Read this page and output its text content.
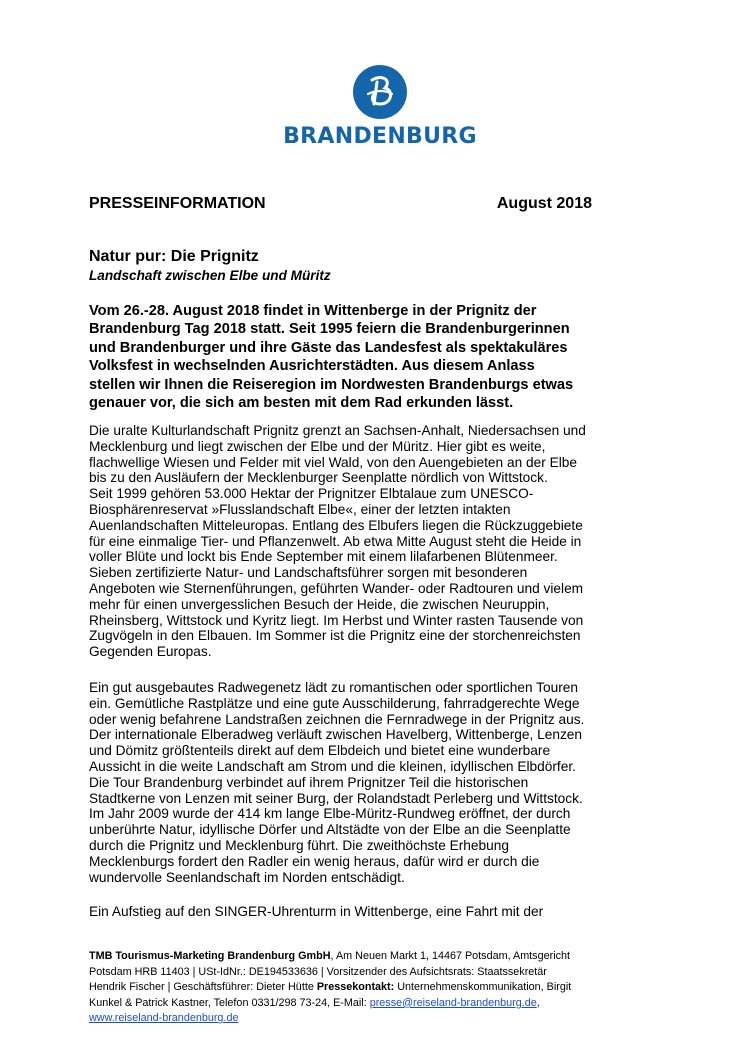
BRANDENBURG
PRESSEINFORMATION	August 2018
Natur pur: Die Prignitz
Landschaft zwischen Elbe und Müritz
Vom 26.-28. August 2018 findet in Wittenberge in der Prignitz der
Brandenburg Tag 2018 statt. Seit 1995 feiern die Brandenburgerinnen
und Brandenburger und ihre Gäste das Landesfest als spektakuläres
Volksfest in wechselnden Ausrichterstädten. Aus diesem Anlass
stellen wir Ihnen die Reiseregion im Nordwesten Brandenburgs etwas
genauer vor, die sich am besten mit dem Rad erkunden lässt.
Die uralte Kulturlandschaft Prignitz grenzt an Sachsen-Anhalt, Niedersachsen und
Mecklenburg und liegt zwischen der Elbe und der Müritz. Hier gibt es weite,
flachwellige Wiesen und Felder mit viel Wald, von den Auengebieten an der Elbe
bis zu den Ausläufern der Mecklenburger Seenplatte nördlich von Wittstock.
Seit 1999 gehören 53.000 Hektar der Prignitzer Elbtalaue zum UNESCO-
Biosphärenreservat »Flusslandschaft Elbe«, einer der letzten intakten
Auenlandschaften Mitteleuropas. Entlang des Elbufers liegen die Rückzuggebiete
für eine einmalige Tier- und Pflanzenwelt. Ab etwa Mitte August steht die Heide in
voller Blüte und lockt bis Ende September mit einem lilafarbenen Blütenmeer.
Sieben zertifizierte Natur- und Landschaftsführer sorgen mit besonderen
Angeboten wie Sternenführungen, geführten Wander- oder Radtouren und vielem
mehr für einen unvergesslichen Besuch der Heide, die zwischen Neuruppin,
Rheinsberg, Wittstock und Kyritz liegt. Im Herbst und Winter rasten Tausende von
Zugvögeln in den Elbauen. Im Sommer ist die Prignitz eine der storchenreichsten
Gegenden Europas.
Ein gut ausgebautes Radwegenetz lädt zu romantischen oder sportlichen Touren
ein. Gemütliche Rastplätze und eine gute Ausschilderung, fahrradgerechte Wege
oder wenig befahrene Landstraßen zeichnen die Fernradwege in der Prignitz aus.
Der internationale Elberadweg verläuft zwischen Havelberg, Wittenberge, Lenzen
und Dömitz größtenteils direkt auf dem Elbdeich und bietet eine wunderbare
Aussicht in die weite Landschaft am Strom und die kleinen, idyllischen Elbdörfer.
Die Tour Brandenburg verbindet auf ihrem Prignitzer Teil die historischen
Stadtkerne von Lenzen mit seiner Burg, der Rolandstadt Perleberg und Wittstock.
Im Jahr 2009 wurde der 414 km lange Elbe-Müritz-Rundweg eröffnet, der durch
unberührte Natur, idyllische Dörfer und Altstädte von der Elbe an die Seenplatte
durch die Prignitz und Mecklenburg führt. Die zweithöchste Erhebung
Mecklenburgs fordert den Radler ein wenig heraus, dafür wird er durch die
wundervolle Seenlandschaft im Norden entschädigt.
Ein Aufstieg auf den SINGER-Uhrenturm in Wittenberge, eine Fahrt mit der
TMB Tourismus-Marketing Brandenburg GmbH, Am Neuen Markt 1, 14467 Potsdam, Amtsgericht
Potsdam HRB 11403 | USt-IdNr.: DE194533636 | Vorsitzender des Aufsichtsrats: Staatssekretär
Hendrik Fischer | Geschäftsführer: Dieter Hütte Pressekontakt: Unternehmenskommunikation, Birgit
Kunkel & Patrick Kastner, Telefon 0331/298 73-24, E-Mail: presse@reiseland-brandenburg.de,
www.reiseland-brandenburg.de
